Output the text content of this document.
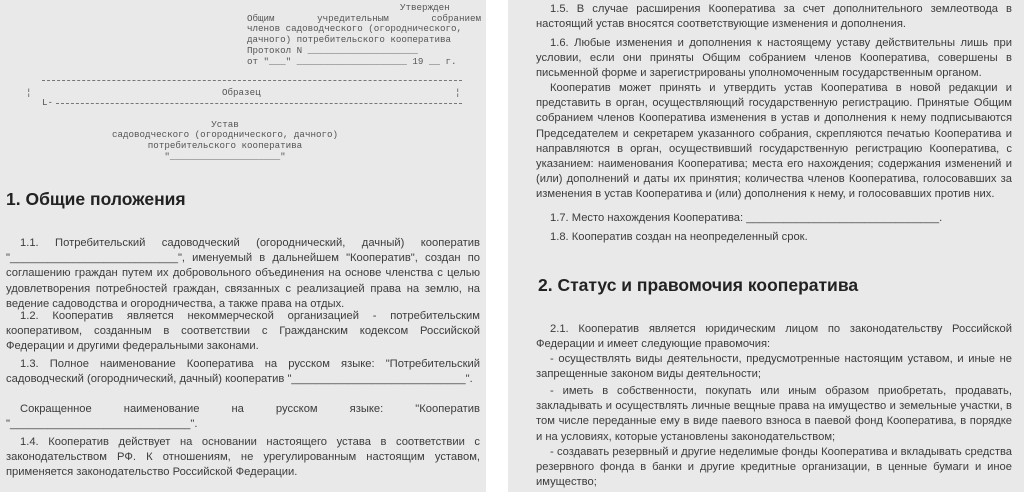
Утвержден
Общим учредительным собранием
членов садоводческого (огороднического,
дачного) потребительского кооператива
Протокол N ____________________
от "___" ____________________ 19 __ г.
¦	¦
Образец
L-
Устав
садоводческого (огороднического, дачного)
потребительского кооператива
"____________________"
1. Общие положения
1.1. Потребительский садоводческий (огороднический, дачный) кооператив "___________________________", именуемый в дальнейшем "Кооператив", создан по соглашению граждан путем их добровольного объединения на основе членства с целью удовлетворения потребностей граждан, связанных с реализацией права на землю, на ведение садоводства и огородничества, а также права на отдых.
1.2. Кооператив является некоммерческой организацией - потребительским кооперативом, созданным в соответствии с Гражданским кодексом Российской Федерации и другими федеральными законами.
1.3. Полное наименование Кооператива на русском языке: "Потребительский садоводческий (огороднический, дачный) кооператив "____________________________".
Сокращенное наименование на русском языке: "Кооператив "_____________________________".
1.4. Кооператив действует на основании настоящего устава в соответствии с законодательством РФ. К отношениям, не урегулированным настоящим уставом, применяется законодательство Российской Федерации.
1.5. В случае расширения Кооператива за счет дополнительного землеотвода в настоящий устав вносятся соответствующие изменения и дополнения.
1.6. Любые изменения и дополнения к настоящему уставу действительны лишь при условии, если они приняты Общим собранием членов Кооператива, совершены в письменной форме и зарегистрированы уполномоченным государственным органом.
Кооператив может принять и утвердить устав Кооператива в новой редакции и представить в орган, осуществляющий государственную регистрацию. Принятые Общим собранием членов Кооператива изменения в устав и дополнения к нему подписываются Председателем и секретарем указанного собрания, скрепляются печатью Кооператива и направляются в орган, осуществивший государственную регистрацию Кооператива, с указанием: наименования Кооператива; места его нахождения; содержания изменений и (или) дополнений и даты их принятия; количества членов Кооператива, голосовавших за изменения в устав Кооператива и (или) дополнения к нему, и голосовавших против них.
1.7. Место нахождения Кооператива: _______________________________.
1.8. Кооператив создан на неопределенный срок.
2. Статус и правомочия кооператива
2.1. Кооператив является юридическим лицом по законодательству Российской Федерации и имеет следующие правомочия:
- осуществлять виды деятельности, предусмотренные настоящим уставом, и иные не запрещенные законом виды деятельности;
- иметь в собственности, покупать или иным образом приобретать, продавать, закладывать и осуществлять личные вещные права на имущество и земельные участки, в том числе переданные ему в виде паевого взноса в паевой фонд Кооператива, в порядке и на условиях, которые установлены законодательством;
- создавать резервный и другие неделимые фонды Кооператива и вкладывать средства резервного фонда в банки и другие кредитные организации, в ценные бумаги и иное имущество;
